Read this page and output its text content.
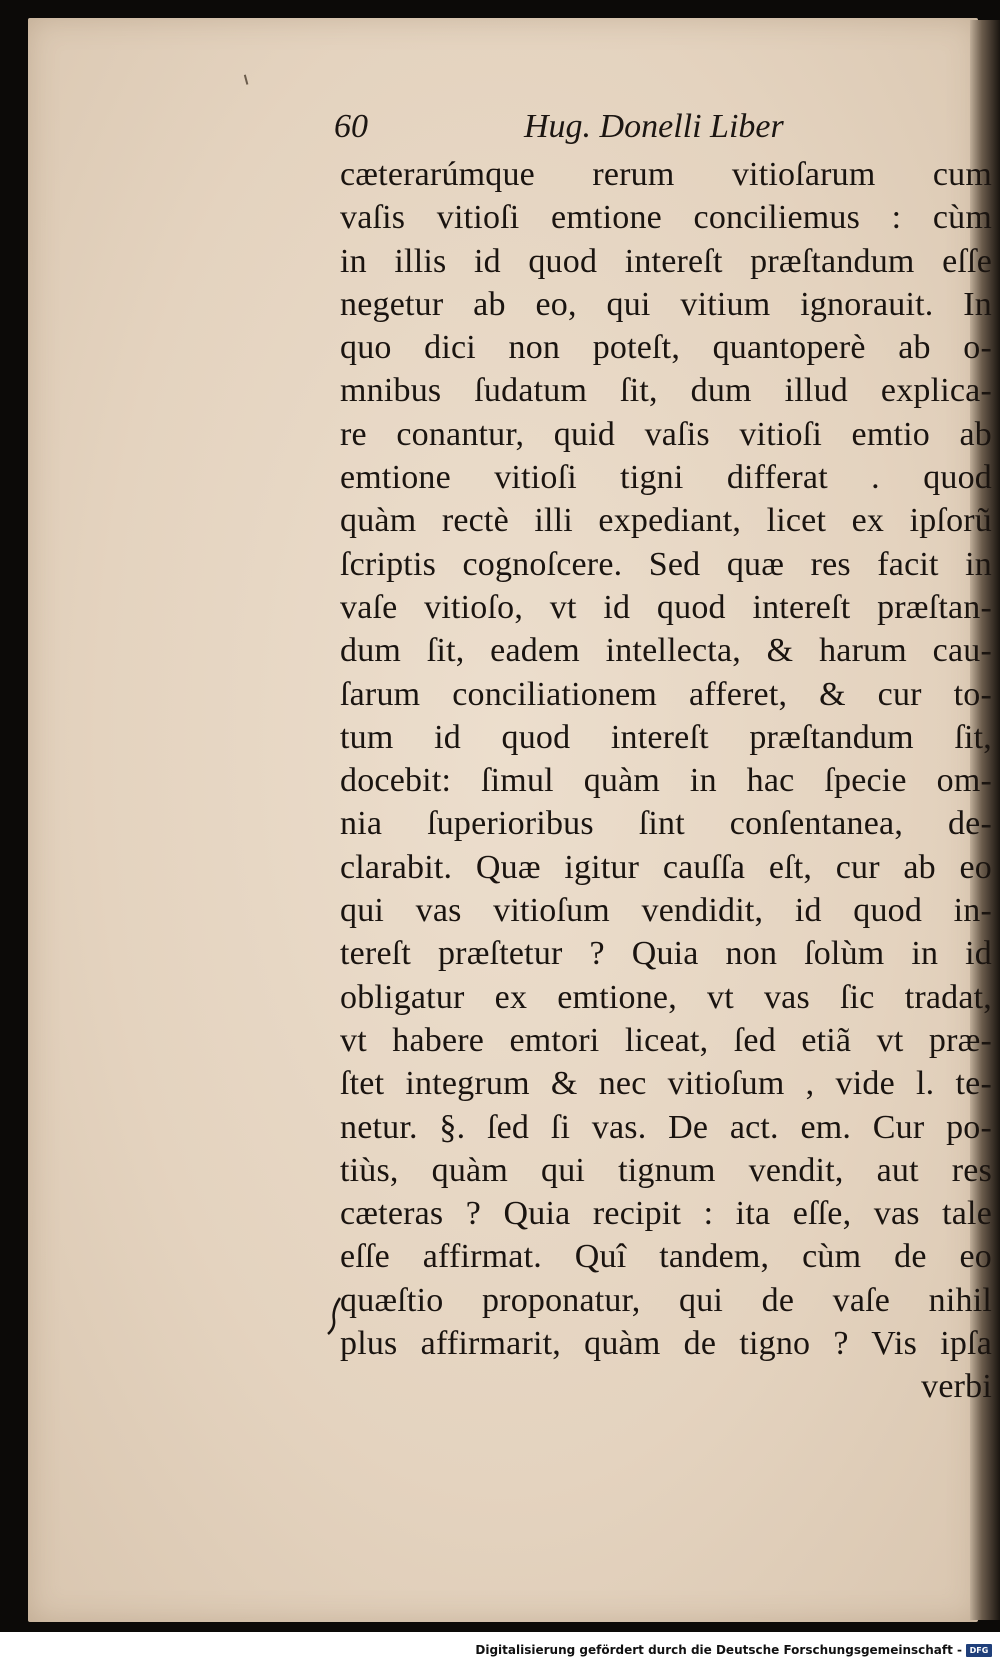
60	Hug. Donelli Liber
cæterarúmque rerum vitioſarum cum
vaſis vitioſi emtione conciliemus : cùm
in illis id quod intereſt præſtandum eſſe
negetur ab eo, qui vitium ignorauit. In
quo dici non poteſt, quantoperè ab o-
mnibus ſudatum ſit, dum illud explica-
re conantur, quid vaſis vitioſi emtio ab
emtione vitioſi tigni differat . quod
quàm rectè illi expediant, licet ex ipſorũ
ſcriptis cognoſcere. Sed quæ res facit in
vaſe vitioſo, vt id quod intereſt præſtan-
dum ſit, eadem intellecta, & harum cau-
ſarum conciliationem afferet, & cur to-
tum id quod intereſt præſtandum ſit,
docebit: ſimul quàm in hac ſpecie om-
nia ſuperioribus ſint conſentanea, de-
clarabit. Quæ igitur cauſſa eſt, cur ab eo
qui vas vitioſum vendidit, id quod in-
tereſt præſtetur ? Quia non ſolùm in id
obligatur ex emtione, vt vas ſic tradat,
vt habere emtori liceat, ſed etiã vt præ-
ſtet integrum & nec vitioſum , vide l. te-
netur. §. ſed ſi vas. De act. em. Cur po-
tiùs, quàm qui tignum vendit, aut res
cæteras ? Quia recipit : ita eſſe, vas tale
eſſe affirmat. Quî tandem, cùm de eo
quæſtio proponatur, qui de vaſe nihil
plus affirmarit, quàm de tigno ? Vis ipſa
verbi
Digitalisierung gefördert durch die Deutsche Forschungsgemeinschaft - DFG
